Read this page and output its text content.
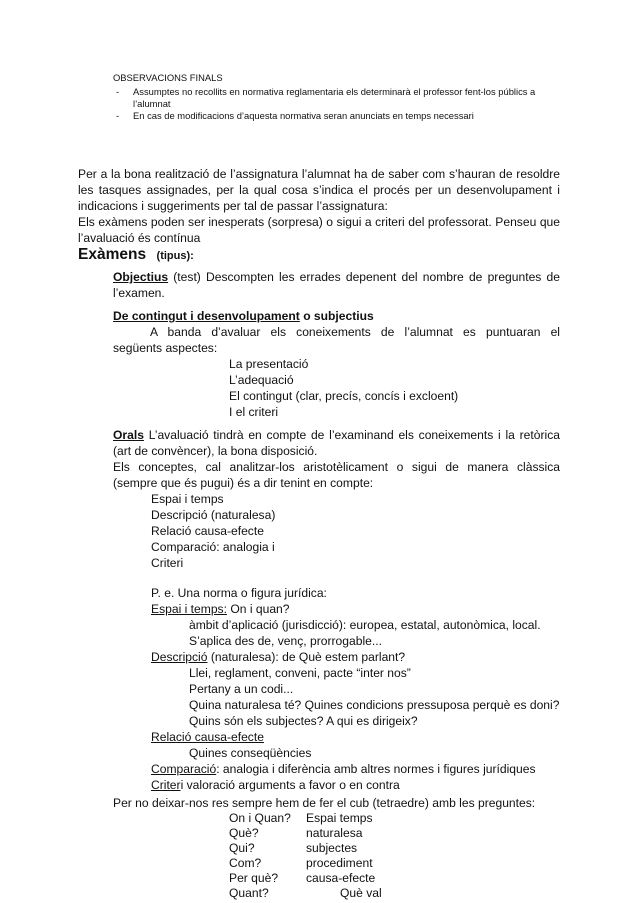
OBSERVACIONS FINALS
- Assumptes no recollits en normativa reglamentaria els determinarà el professor fent-los públics a
l’alumnat
- En cas de modificacions d’aquesta normativa seran anunciats en temps necessari
Per a la bona realització de l’assignatura l’alumnat ha de saber com s’hauran de resoldre
les tasques assignades, per la qual cosa s’indica el procés per un desenvolupament i
indicacions i suggeriments per tal de passar l’assignatura:
Els exàmens poden ser inesperats (sorpresa) o sigui a criteri del professorat. Penseu que
l’avaluació és contínua
Exàmens (tipus):
Objectius (test) Descompten les errades depenent del nombre de preguntes de
l’examen.
De contingut i desenvolupament o subjectius
A banda d’avaluar els coneixements de l’alumnat es puntuaran el
següents aspectes:
La presentació
L’adequació
El contingut (clar, precís, concís i excloent)
I el criteri
Orals L’avaluació tindrà en compte de l’examinand els coneixements i la retòrica
(art de convèncer), la bona disposició.
Els conceptes, cal analitzar-los aristotèlicament o sigui de manera clàssica
(sempre que és pugui) és a dir tenint en compte:
Espai i temps
Descripció (naturalesa)
Relació causa-efecte
Comparació: analogia i
Criteri
P. e. Una norma o figura jurídica:
Espai i temps: On i quan?
àmbit d’aplicació (jurisdicció): europea, estatal, autonòmica, local.
S’aplica des de, venç, prorrogable...
Descripció (naturalesa): de Què estem parlant?
Llei, reglament, conveni, pacte “inter nos”
Pertany a un codi...
Quina naturalesa té? Quines condicions pressuposa perquè es doni?
Quins són els subjectes? A qui es dirigeix?
Relació causa-efecte
Quines conseqüències
Comparació: analogia i diferència amb altres normes i figures jurídiques
Criteri valoració arguments a favor o en contra
Per no deixar-nos res sempre hem de fer el cub (tetraedre) amb les preguntes:
On i Quan? Espai temps
Què?	naturalesa
Qui?	subjectes
Com?	procediment
Per què? causa-efecte
Quant?	Què val
